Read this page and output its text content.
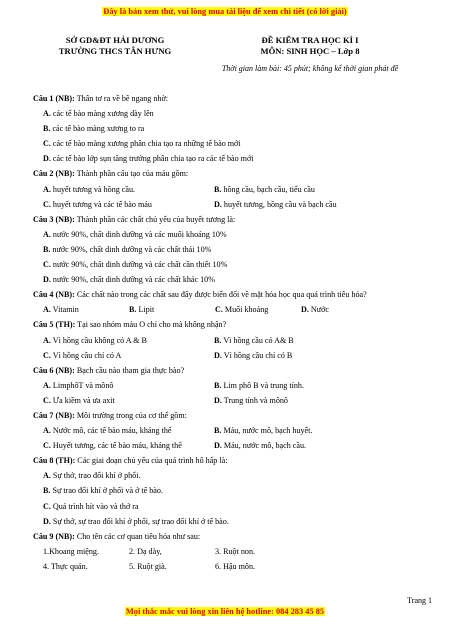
Đây là bản xem thử, vui lòng mua tài liệu để xem chi tiết (có lời giải)
SỞ GD&ĐT HẢI DƯƠNG
TRƯỜNG THCS TÂN HƯNG
ĐỀ KIỂM TRA HỌC KÌ I
MÔN: SINH HỌC – Lớp 8
Thời gian làm bài: 45 phút; không kể thời gian phát đề
Câu 1 (NB): Thân tơ ra về bề ngang nhờ:
A. các tế bào màng xương dày lên
B. các tế bào màng xương to ra
C. các tế bào màng xương phân chia tạo ra những tế bào mới
D. các tế bào lớp sụn tăng trưởng phân chia tạo ra các tế bào mới
Câu 2 (NB): Thành phần cấu tạo của máu gồm:
A. huyết tương và hồng cầu.	B. hồng cầu, bạch cầu, tiểu cầu
C. huyết tương và các tế bào máu	D. huyết tương, hồng cầu và bạch cầu
Câu 3 (NB): Thành phần các chất chủ yếu của huyết tương là:
A. nước 90%, chất dinh dưỡng và các muối khoáng 10%
B. nước 90%, chất dinh dưỡng và các chất thải 10%
C. nước 90%, chất dinh dưỡng và các chất cần thiết 10%
D. nước 90%, chất dinh dưỡng và các chất khác 10%
Câu 4 (NB): Các chất nào trong các chất sau đây được biến đổi về mặt hóa học qua quá trình tiêu hóa?
A. Vitamin	B. Lipit	C. Muối khoáng	D. Nước
Câu 5 (TH): Tại sao nhóm máu O chỉ cho mà không nhận?
A. Vì hồng cầu không có A & B	B. Vì hồng cầu có A& B
C. Vì hồng cầu chỉ có A	D. Vì hồng cầu chỉ có B
Câu 6 (NB): Bạch cầu nào tham gia thực bào?
A. LimphôT và mônô	B. Lim phô B và trung tính.
C. Ưa kiềm và ưa axit	D. Trung tính và mônô
Câu 7 (NB): Môi trường trong của cơ thể gồm:
A. Nước mô, các tế bào máu, kháng thể	B. Máu, nước mô, bạch huyết.
C. Huyết tương, các tế bào máu, kháng thể	D. Máu, nước mô, bạch cầu.
Câu 8 (TH): Các giai đoạn chủ yếu của quá trình hô hấp là:
A. Sự thở, trao đổi khí ở phổi.
B. Sự trao đổi khí ở phổi và ở tế bào.
C. Quá trình hít vào và thở ra
D. Sự thở, sự trao đổi khí ở phổi, sự trao đổi khí ở tế bào.
Câu 9 (NB): Cho tên các cơ quan tiêu hóa như sau:
1.Khoang miệng.	2. Dạ dày,	3. Ruột non.
4. Thực quản.	5. Ruột già.	6. Hậu môn.
Trang 1
Mọi thắc mắc vui lòng xin liên hệ hotline: 084 283 45 85
